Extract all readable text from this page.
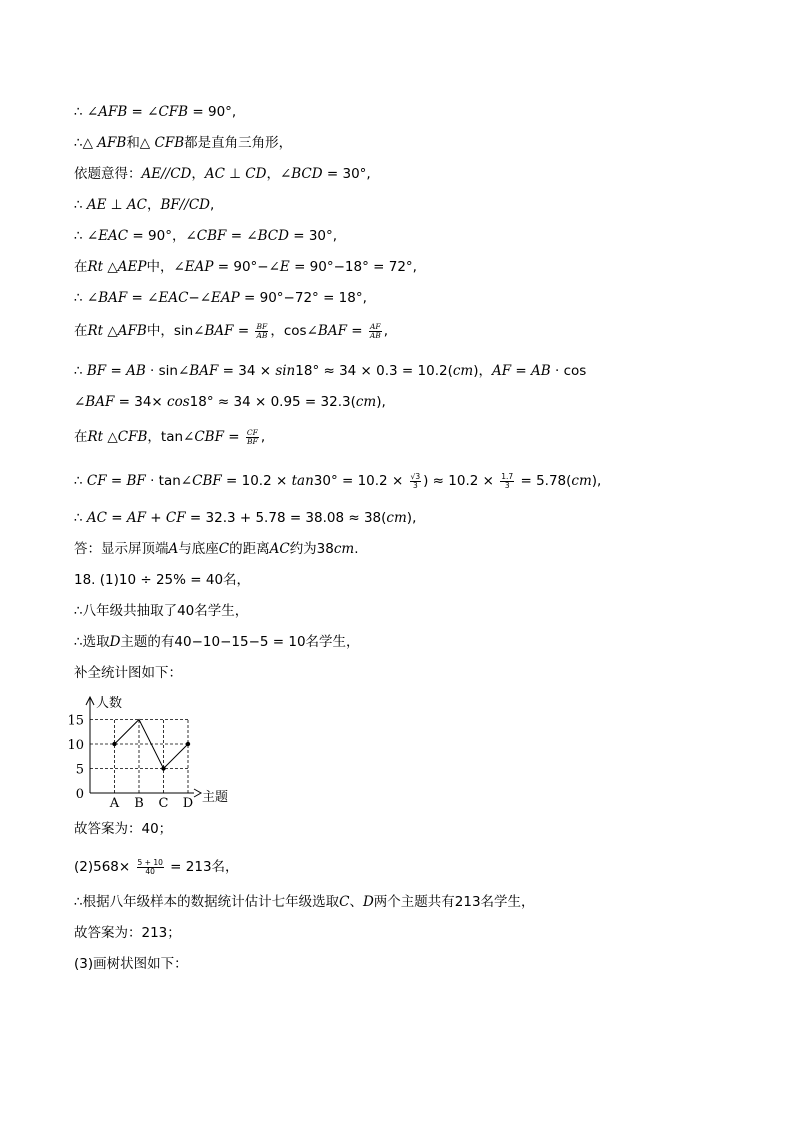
∴ ∠AFB = ∠CFB = 90°,
∴△ AFB和△ CFB都是直角三角形，
依题意得：AE//CD，AC ⊥ CD，∠BCD = 30°,
∴ AE ⊥ AC，BF//CD,
∴ ∠EAC = 90°，∠CBF = ∠BCD = 30°,
在Rt △AEP中，∠EAP = 90°−∠E = 90°−18° = 72°,
∴ ∠BAF = ∠EAC−∠EAP = 90°−72° = 18°,
在Rt △AFB中，sin∠BAF = $\frac{BF}{AB}$ ，cos∠BAF = $\frac{AF}{AB}$ ,
∴ BF = AB · sin∠BAF = 34 × sin18° ≈ 34 × 0.3 = 10.2(cm)，AF = AB · cos
∠BAF = 34× cos18° ≈ 34 × 0.95 = 32.3(cm),
在Rt △CFB，tan∠CBF = $\frac{CF}{BF}$ ,
∴ CF = BF · tan∠CBF = $10.2 \times \tan 30^\circ = 10.2 \times \frac{√3}{3}$ ) ≈ $10.2 \times \frac{1.7}{3} = 5.78(cm)$,
∴ AC = AF + CF = 32.3 + 5.78 = 38.08 ≈ 38(cm),
答：显示屏顶端A与底座C的距离AC约为38cm.
18. (1)10 ÷ 25% = 40名，
∴八年级共抽取了40名学生，
∴选取D主题的有40−10−15−5 = 10名学生，
补全统计图如下：
0
5
10
15
A B C D
人数
主题
故答案为：40；
$(2)568\times \frac{5 + 10}{40} = 213$名，
∴根据八年级样本的数据统计估计七年级选取C、D两个主题共有213名学生，
故答案为：213；
(3)画树状图如下：
